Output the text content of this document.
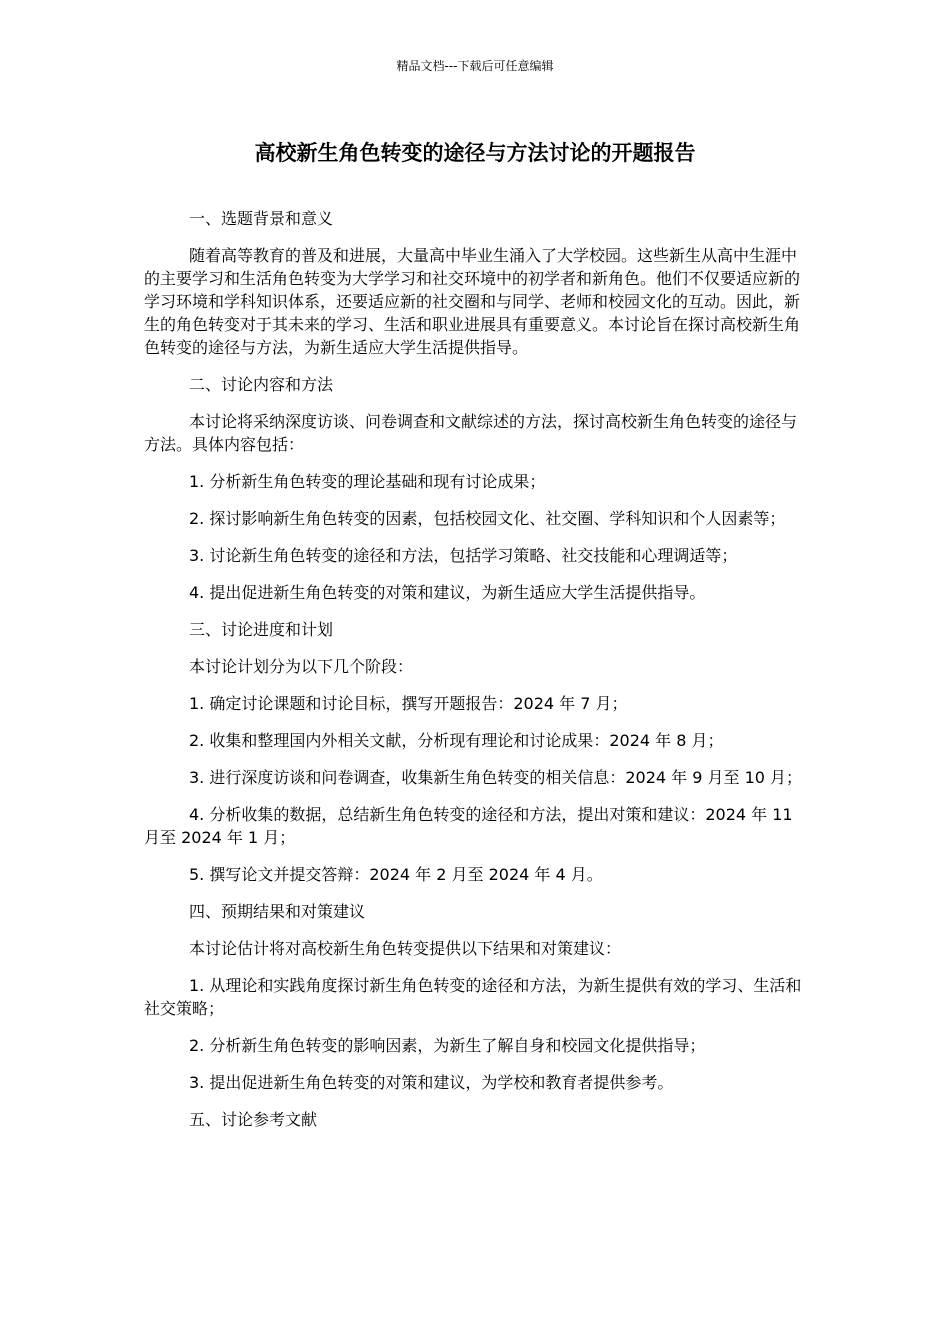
精品文档---下载后可任意编辑
高校新生角色转变的途径与方法讨论的开题报告

一、选题背景和意义

随着高等教育的普及和进展，大量高中毕业生涌入了大学校园。这些新生从高中生涯中的主要学习和生活角色转变为大学学习和社交环境中的初学者和新角色。他们不仅要适应新的学习环境和学科知识体系，还要适应新的社交圈和与同学、老师和校园文化的互动。因此，新生的角色转变对于其未来的学习、生活和职业进展具有重要意义。本讨论旨在探讨高校新生角色转变的途径与方法，为新生适应大学生活提供指导。

二、讨论内容和方法

本讨论将采纳深度访谈、问卷调查和文献综述的方法，探讨高校新生角色转变的途径与方法。具体内容包括：

1. 分析新生角色转变的理论基础和现有讨论成果；

2. 探讨影响新生角色转变的因素，包括校园文化、社交圈、学科知识和个人因素等；

3. 讨论新生角色转变的途径和方法，包括学习策略、社交技能和心理调适等；

4. 提出促进新生角色转变的对策和建议，为新生适应大学生活提供指导。

三、讨论进度和计划

本讨论计划分为以下几个阶段：

1. 确定讨论课题和讨论目标，撰写开题报告：2024 年 7 月；

2. 收集和整理国内外相关文献，分析现有理论和讨论成果：2024 年 8 月；

3. 进行深度访谈和问卷调查，收集新生角色转变的相关信息：2024 年 9 月至 10 月；

4. 分析收集的数据，总结新生角色转变的途径和方法，提出对策和建议：2024 年 11 月至 2024 年 1 月；

5. 撰写论文并提交答辩：2024 年 2 月至 2024 年 4 月。

四、预期结果和对策建议

本讨论估计将对高校新生角色转变提供以下结果和对策建议：

1. 从理论和实践角度探讨新生角色转变的途径和方法，为新生提供有效的学习、生活和社交策略；

2. 分析新生角色转变的影响因素，为新生了解自身和校园文化提供指导；

3. 提出促进新生角色转变的对策和建议，为学校和教育者提供参考。

五、讨论参考文献
